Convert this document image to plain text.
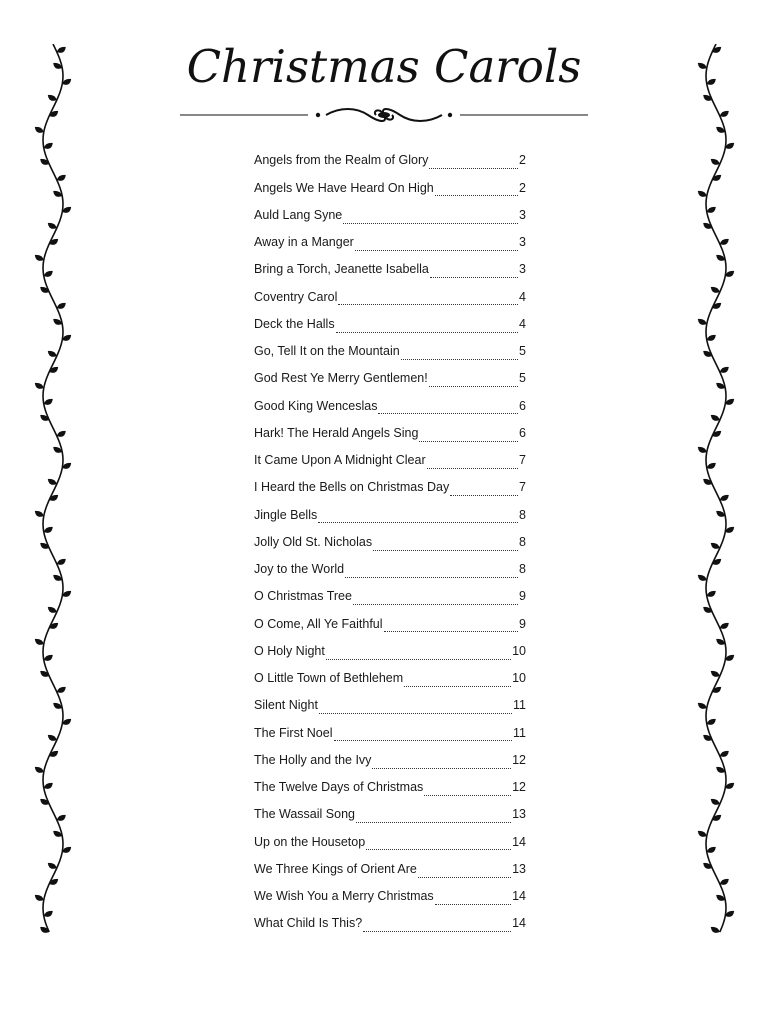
Christmas Carols
Angels from the Realm of Glory	2
Angels We Have Heard On High	2
Auld Lang Syne	3
Away in a Manger	3
Bring a Torch, Jeanette Isabella	3
Coventry Carol	4
Deck the Halls	4
Go, Tell It on the Mountain	5
God Rest Ye Merry Gentlemen!	5
Good King Wenceslas	6
Hark! The Herald Angels Sing	6
It Came Upon A Midnight Clear	7
I Heard the Bells on Christmas Day	7
Jingle Bells	8
Jolly Old St. Nicholas	8
Joy to the World	8
O Christmas Tree	9
O Come, All Ye Faithful	9
O Holy Night	10
O Little Town of Bethlehem	10
Silent Night	11
The First Noel	11
The Holly and the Ivy	12
The Twelve Days of Christmas	12
The Wassail Song	13
Up on the Housetop	14
We Three Kings of Orient Are	13
We Wish You a Merry Christmas	14
What Child Is This?	14
